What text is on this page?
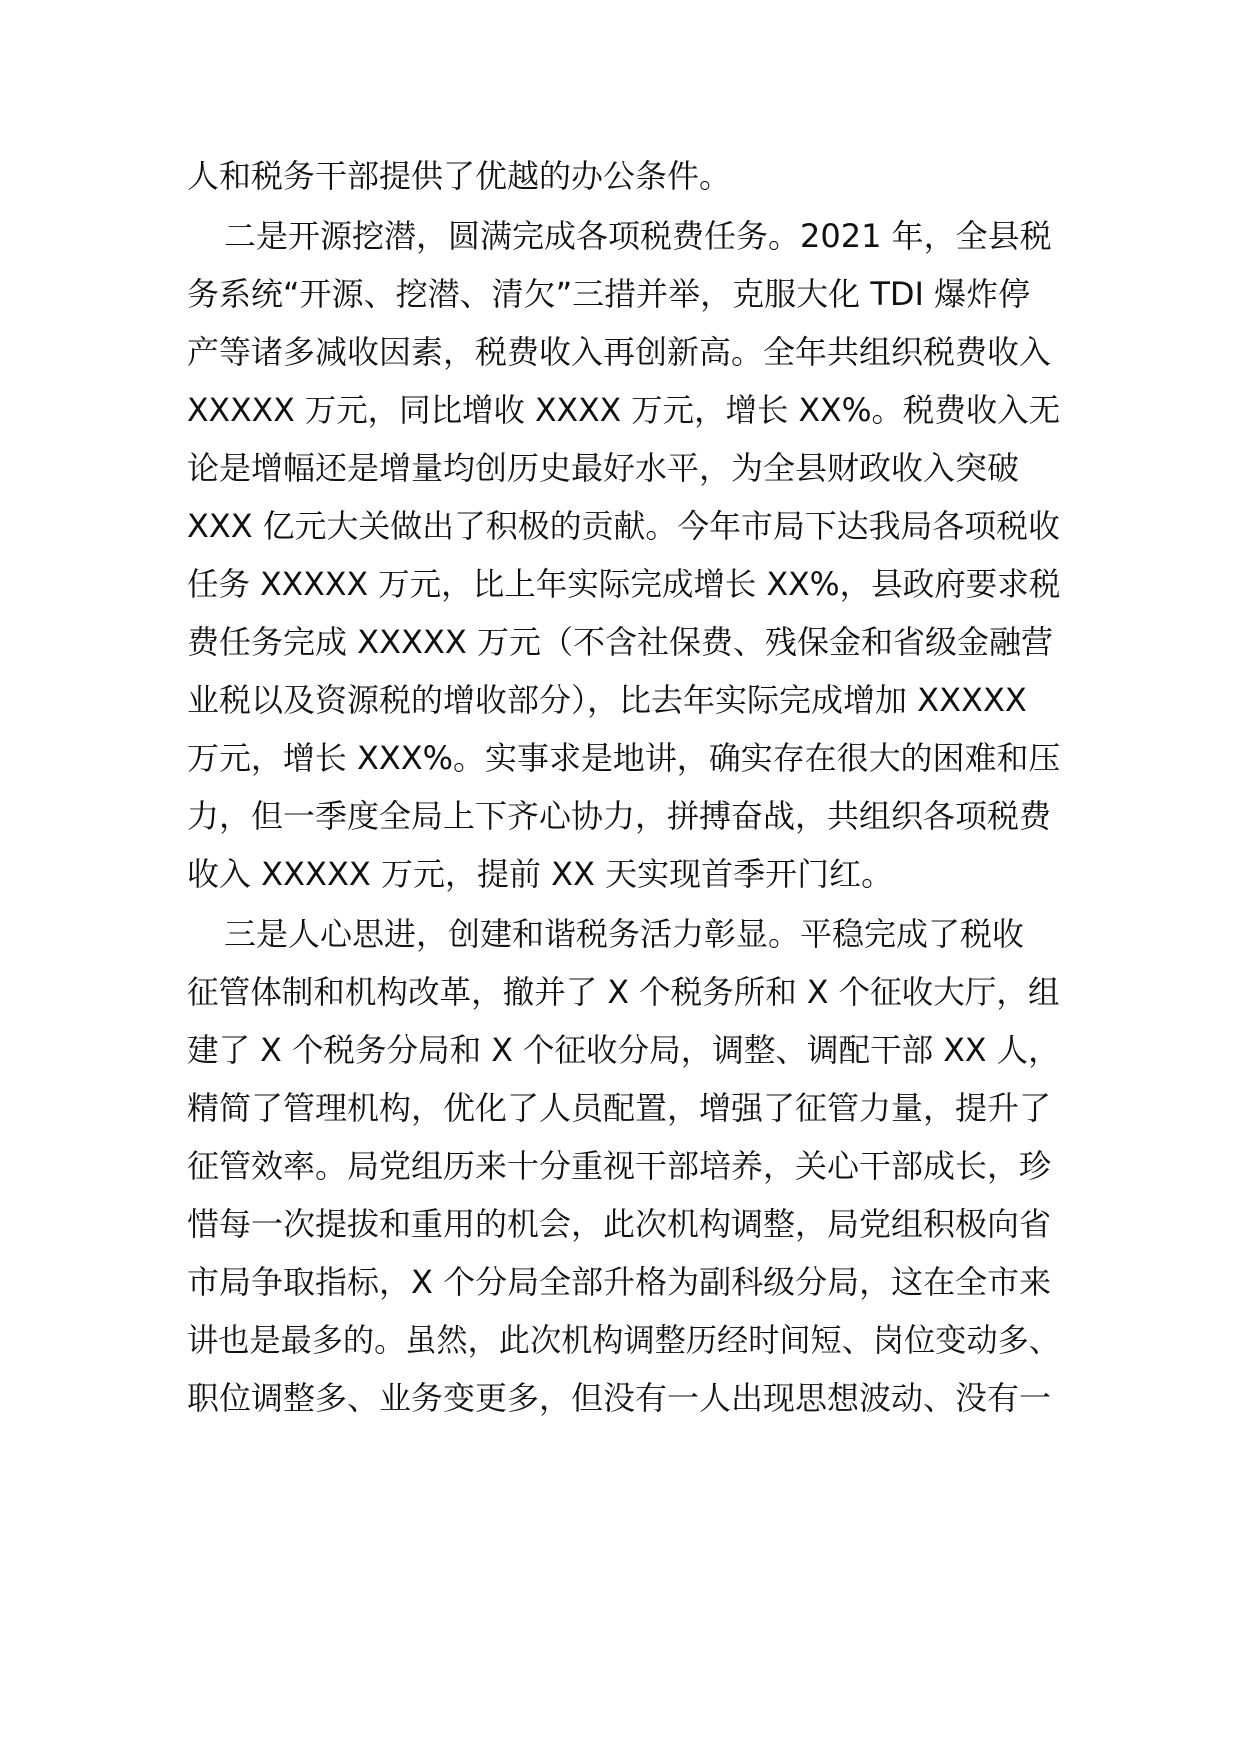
人和税务干部提供了优越的办公条件。
二是开源挖潜，圆满完成各项税费任务。2021 年，全县税
务系统“开源、挖潜、清欠”三措并举，克服大化 TDI 爆炸停
产等诸多减收因素，税费收入再创新高。全年共组织税费收入
XXXXX 万元，同比增收 XXXX 万元，增长 XX%。税费收入无
论是增幅还是增量均创历史最好水平，为全县财政收入突破
XXX 亿元大关做出了积极的贡献。今年市局下达我局各项税收
任务 XXXXX 万元，比上年实际完成增长 XX%，县政府要求税
费任务完成 XXXXX 万元（不含社保费、残保金和省级金融营
业税以及资源税的增收部分），比去年实际完成增加 XXXXX
万元，增长 XXX%。实事求是地讲，确实存在很大的困难和压
力，但一季度全局上下齐心协力，拼搏奋战，共组织各项税费
收入 XXXXX 万元，提前 XX 天实现首季开门红。
三是人心思进，创建和谐税务活力彰显。平稳完成了税收
征管体制和机构改革，撤并了 X 个税务所和 X 个征收大厅，组
建了 X 个税务分局和 X 个征收分局，调整、调配干部 XX 人，
精简了管理机构，优化了人员配置，增强了征管力量，提升了
征管效率。局党组历来十分重视干部培养，关心干部成长，珍
惜每一次提拔和重用的机会，此次机构调整，局党组积极向省
市局争取指标，X 个分局全部升格为副科级分局，这在全市来
讲也是最多的。虽然，此次机构调整历经时间短、岗位变动多、
职位调整多、业务变更多，但没有一人出现思想波动、没有一
